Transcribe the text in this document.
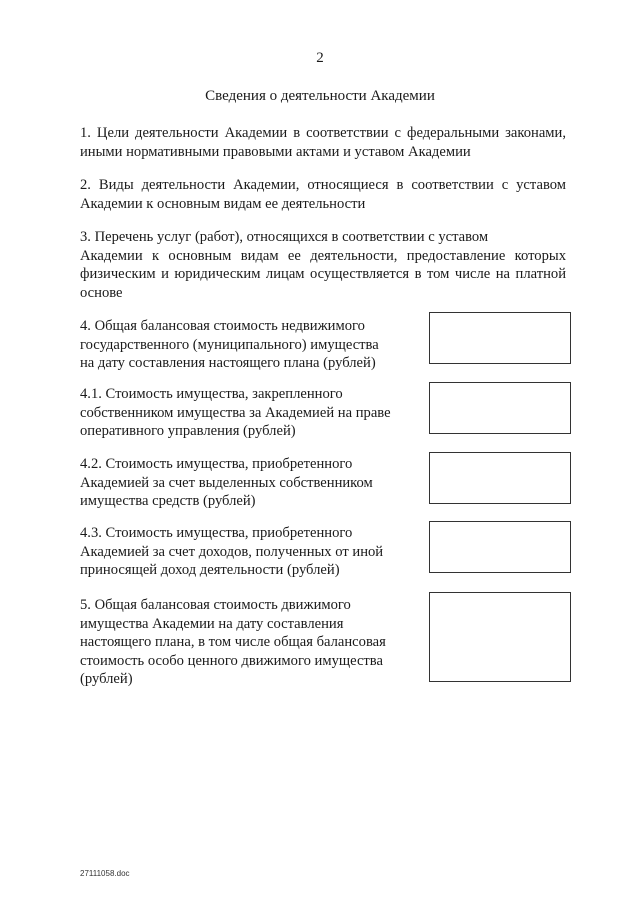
2
Сведения о деятельности Академии
1. Цели деятельности Академии в соответствии с федеральными законами,
иными нормативными правовыми актами и уставом Академии
2. Виды деятельности Академии, относящиеся в соответствии с уставом
Академии к основным видам ее деятельности
3. Перечень услуг (работ), относящихся в соответствии с уставом
Академии к основным видам ее деятельности, предоставление которых
физическим и юридическим лицам осуществляется в том числе на платной
основе
4. Общая балансовая стоимость недвижимого
государственного (муниципального) имущества
на дату составления настоящего плана (рублей)
4.1. Стоимость имущества, закрепленного
собственником имущества за Академией на праве
оперативного управления (рублей)
4.2. Стоимость имущества, приобретенного
Академией за счет выделенных собственником
имущества средств (рублей)
4.3. Стоимость имущества, приобретенного
Академией за счет доходов, полученных от иной
приносящей доход деятельности (рублей)
5. Общая балансовая стоимость движимого
имущества Академии на дату составления
настоящего плана, в том числе общая балансовая
стоимость особо ценного движимого имущества
(рублей)
27111058.doc
